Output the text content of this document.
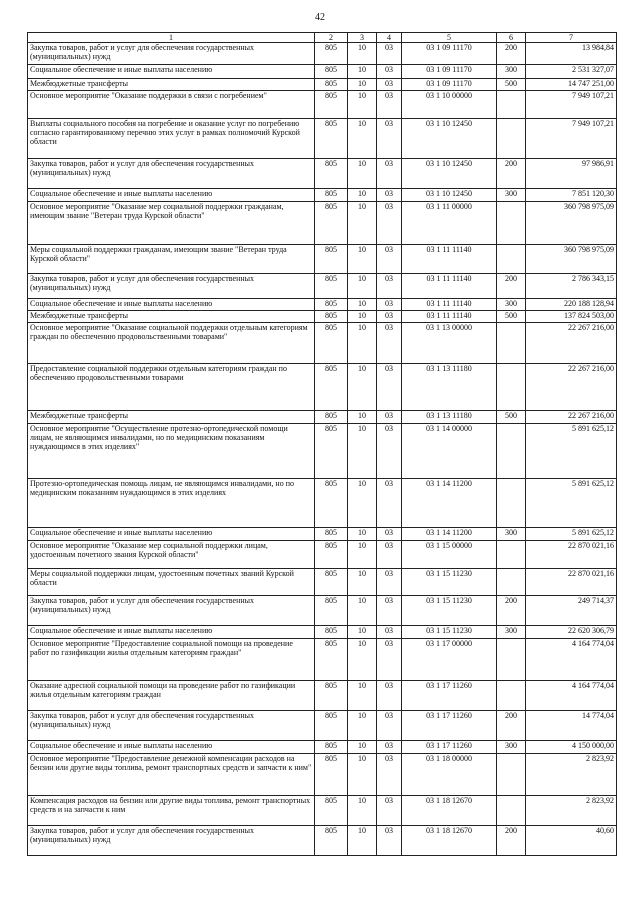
42
1	2	3	4	5	6	7
Закупка товаров, работ и услуг для обеспечения государственных (муниципальных) нужд	805	10	03	03 1 09 11170	200	13 984,84
Социальное обеспечение и иные выплаты населению	805	10	03	03 1 09 11170	300	2 531 327,07
Межбюджетные трансферты	805	10	03	03 1 09 11170	500	14 747 251,00
Основное мероприятие "Оказание поддержки в связи с погребением"	805	10	03	03 1 10 00000		7 949 107,21
Выплаты социального пособия на погребение и оказание услуг по погребению согласно гарантированному перечню этих услуг в рамках полномочий Курской области	805	10	03	03 1 10 12450		7 949 107,21
Закупка товаров, работ и услуг для обеспечения государственных (муниципальных) нужд	805	10	03	03 1 10 12450	200	97 986,91
Социальное обеспечение и иные выплаты населению	805	10	03	03 1 10 12450	300	7 851 120,30
Основное мероприятие "Оказание мер социальной поддержки гражданам, имеющим звание "Ветеран труда Курской области"	805	10	03	03 1 11 00000		360 798 975,09
Меры социальной поддержки гражданам, имеющим звание "Ветеран труда Курской области"	805	10	03	03 1 11 11140		360 798 975,09
Закупка товаров, работ и услуг для обеспечения государственных (муниципальных) нужд	805	10	03	03 1 11 11140	200	2 786 343,15
Социальное обеспечение и иные выплаты населению	805	10	03	03 1 11 11140	300	220 188 128,94
Межбюджетные трансферты	805	10	03	03 1 11 11140	500	137 824 503,00
Основное мероприятие "Оказание социальной поддержки отдельным категориям граждан по обеспечению продовольственными товарами"	805	10	03	03 1 13 00000		22 267 216,00
Предоставление социальной поддержки отдельным категориям граждан по обеспечению продовольственными товарами	805	10	03	03 1 13 11180		22 267 216,00
Межбюджетные трансферты	805	10	03	03 1 13 11180	500	22 267 216,00
Основное мероприятие "Осуществление протезно-ортопедической помощи лицам, не являющимся инвалидами, но по медицинским показаниям нуждающимся в этих изделиях"	805	10	03	03 1 14 00000		5 891 625,12
Протезно-ортопедическая помощь лицам, не являющимся инвалидами, но по медицинским показаниям нуждающимся в этих изделиях	805	10	03	03 1 14 11200		5 891 625,12
Социальное обеспечение и иные выплаты населению	805	10	03	03 1 14 11200	300	5 891 625,12
Основное мероприятие "Оказание мер социальной поддержки лицам, удостоенным почетного звания Курской области"	805	10	03	03 1 15 00000		22 870 021,16
Меры социальной поддержки лицам, удостоенным почетных званий Курской области	805	10	03	03 1 15 11230		22 870 021,16
Закупка товаров, работ и услуг для обеспечения государственных (муниципальных) нужд	805	10	03	03 1 15 11230	200	249 714,37
Социальное обеспечение и иные выплаты населению	805	10	03	03 1 15 11230	300	22 620 306,79
Основное мероприятие "Предоставление социальной помощи на проведение работ по газификации жилья отдельным категориям граждан"	805	10	03	03 1 17 00000		4 164 774,04
Оказание адресной социальной помощи на проведение работ по газификации жилья отдельным категориям граждан	805	10	03	03 1 17 11260		4 164 774,04
Закупка товаров, работ и услуг для обеспечения государственных (муниципальных) нужд	805	10	03	03 1 17 11260	200	14 774,04
Социальное обеспечение и иные выплаты населению	805	10	03	03 1 17 11260	300	4 150 000,00
Основное мероприятие "Предоставление денежной компенсации расходов на бензин или другие виды топлива, ремонт транспортных средств и запчасти к ним"	805	10	03	03 1 18 00000		2 823,92
Компенсация расходов на бензин или другие виды топлива, ремонт транспортных средств и на запчасти к ним	805	10	03	03 1 18 12670		2 823,92
Закупка товаров, работ и услуг для обеспечения государственных (муниципальных) нужд	805	10	03	03 1 18 12670	200	40,60
